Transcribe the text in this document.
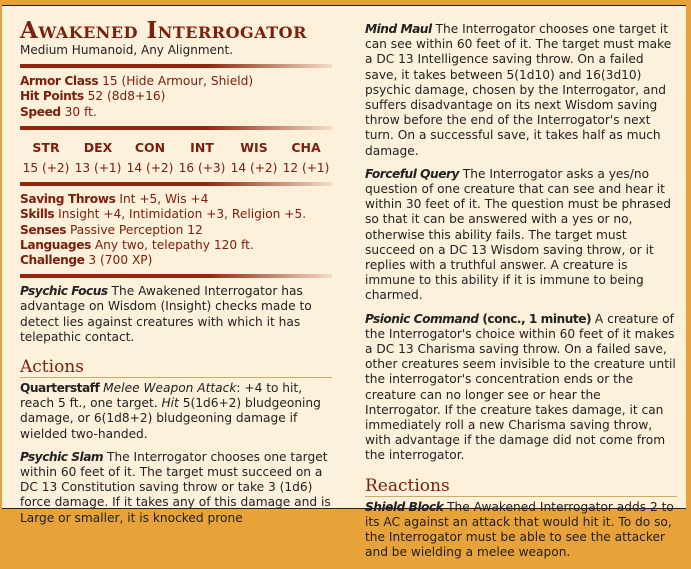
Awakened Interrogator
Medium Humanoid, Any Alignment.
Armor Class 15 (Hide Armour, Shield)
Hit Points 52 (8d8+16)
Speed 30 ft.
STR
15 (+2)
DEX
13 (+1)
CON
14 (+2)
INT
16 (+3)
WIS
14 (+2)
CHA
12 (+1)
Saving Throws Int +5, Wis +4
Skills Insight +4, Intimidation +3, Religion +5.
Senses Passive Perception 12
Languages Any two, telepathy 120 ft.
Challenge 3 (700 XP)
Psychic Focus The Awakened Interrogator has advantage on Wisdom (Insight) checks made to detect lies against creatures with which it has telepathic contact.
Actions
Quarterstaff Melee Weapon Attack: +4 to hit, reach 5 ft., one target. Hit 5(1d6+2) bludgeoning damage, or 6(1d8+2) bludgeoning damage if wielded two-handed.
Psychic Slam The Interrogator chooses one target within 60 feet of it. The target must succeed on a DC 13 Constitution saving throw or take 3 (1d6) force damage. If it takes any of this damage and is Large or smaller, it is knocked prone
Mind Maul The Interrogator chooses one target it can see within 60 feet of it. The target must make a DC 13 Intelligence saving throw. On a failed save, it takes between 5(1d10) and 16(3d10) psychic damage, chosen by the Interrogator, and suffers disadvantage on its next Wisdom saving throw before the end of the Interrogator's next turn. On a successful save, it takes half as much damage.
Forceful Query The Interrogator asks a yes/no question of one creature that can see and hear it within 30 feet of it. The question must be phrased so that it can be answered with a yes or no, otherwise this ability fails. The target must succeed on a DC 13 Wisdom saving throw, or it replies with a truthful answer. A creature is immune to this ability if it is immune to being charmed.
Psionic Command (conc., 1 minute) A creature of the Interrogator's choice within 60 feet of it makes a DC 13 Charisma saving throw. On a failed save, other creatures seem invisible to the creature until the interrogator's concentration ends or the creature can no longer see or hear the Interrogator. If the creature takes damage, it can immediately roll a new Charisma saving throw, with advantage if the damage did not come from the interrogator.
Reactions
Shield Block The Awakened Interrogator adds 2 to its AC against an attack that would hit it. To do so, the Interrogator must be able to see the attacker and be wielding a melee weapon.
